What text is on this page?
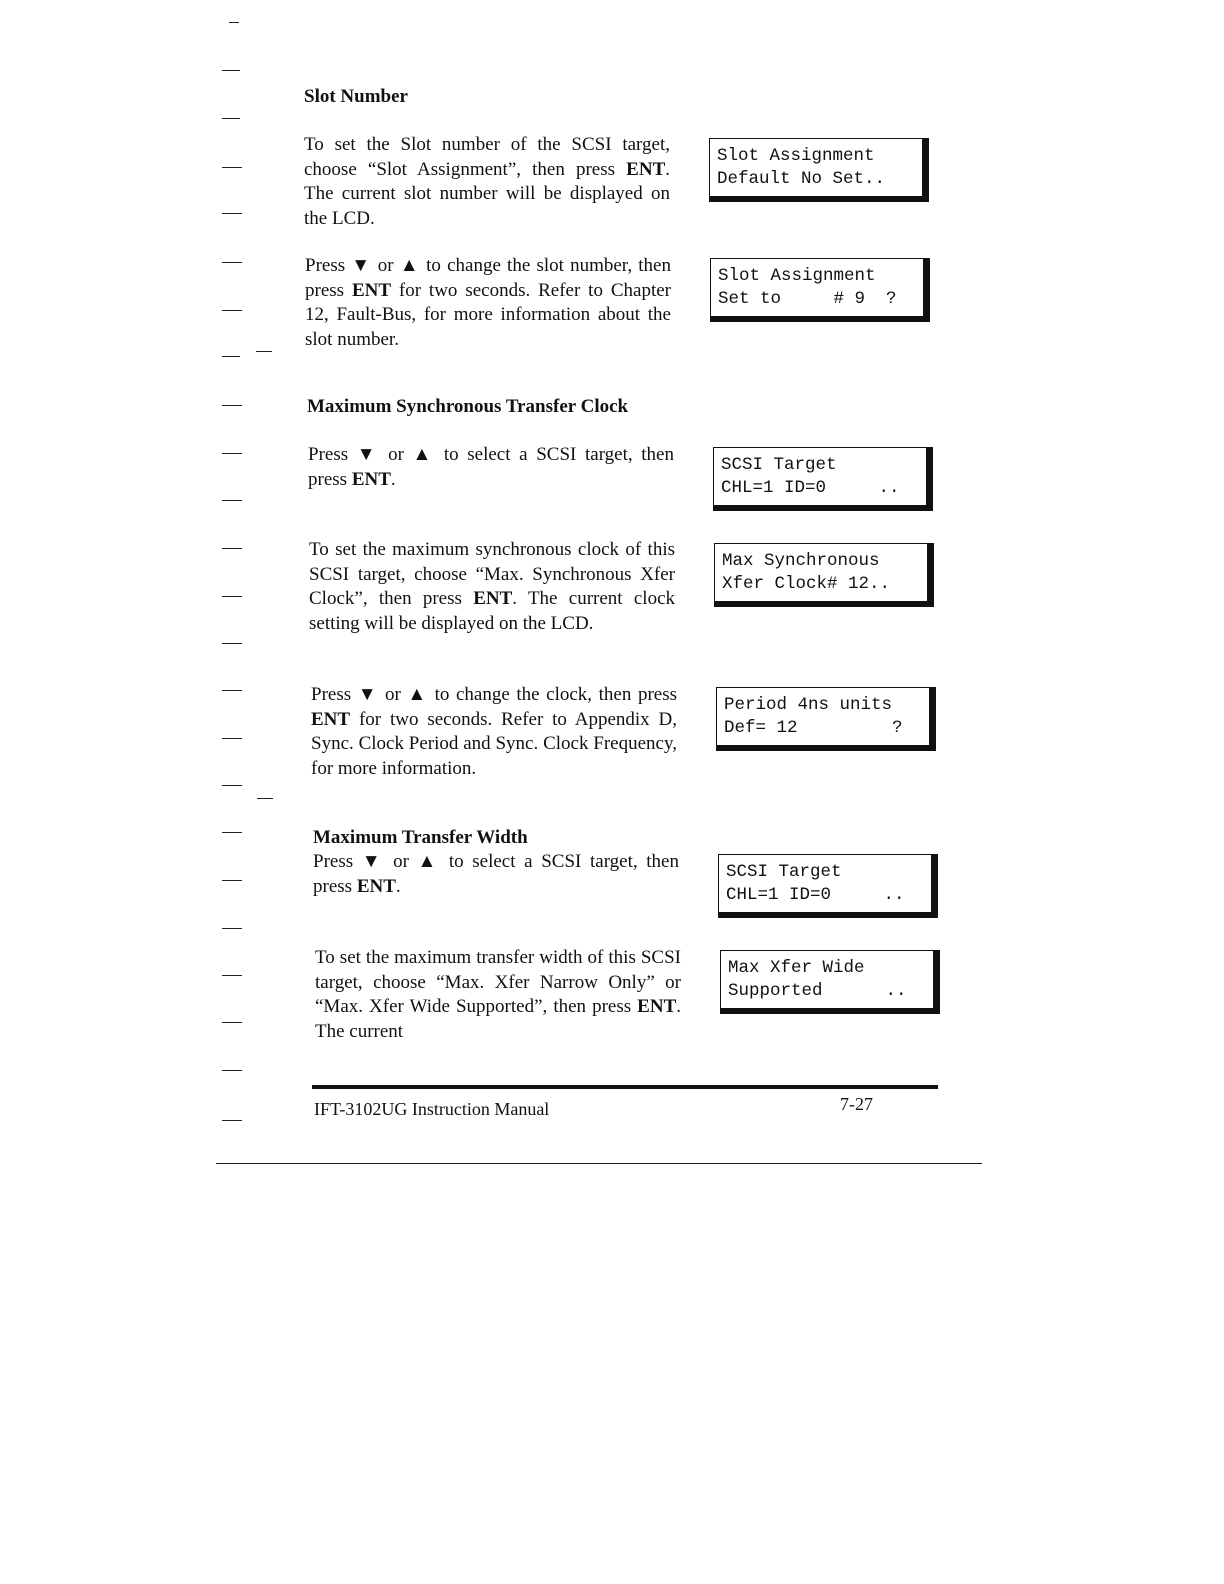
Slot Number
To set the Slot number of the SCSI target, choose “Slot Assignment”, then press ENT. The current slot number will be displayed on the LCD.
Press ▼ or ▲ to change the slot number, then press ENT for two seconds. Refer to Chapter 12, Fault-Bus, for more information about the slot number.
Maximum Synchronous Transfer Clock
Press ▼ or ▲ to select a SCSI target, then press ENT.
To set the maximum synchronous clock of this SCSI target, choose “Max. Synchronous Xfer Clock”, then press ENT. The current clock setting will be displayed on the LCD.
Press ▼ or ▲ to change the clock, then press ENT for two seconds. Refer to Appendix D, Sync. Clock Period and Sync. Clock Frequency, for more information.
Maximum Transfer Width
Press ▼ or ▲ to select a SCSI target, then press ENT.
To set the maximum transfer width of this SCSI target, choose “Max. Xfer Narrow Only” or “Max. Xfer Wide Supported”, then press ENT. The current
Slot Assignment
Default No Set..
Slot Assignment
Set to     # 9  ?
SCSI Target
CHL=1 ID=0     ..
Max Synchronous
Xfer Clock# 12..
Period 4ns units
Def= 12         ?
SCSI Target
CHL=1 ID=0     ..
Max Xfer Wide
Supported      ..
IFT-3102UG Instruction Manual	7-27
